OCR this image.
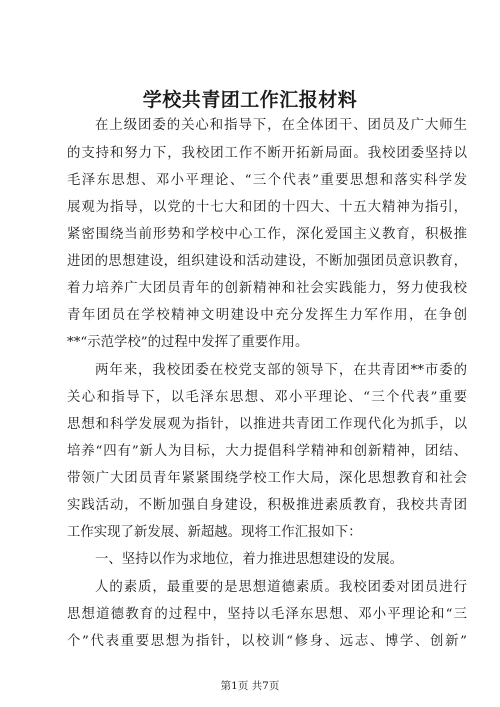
学校共青团工作汇报材料
在上级团委的关心和指导下，在全体团干、团员及广大师生
的支持和努力下，我校团工作不断开拓新局面。我校团委坚持以
毛泽东思想、邓小平理论、“三个代表”重要思想和落实科学发
展观为指导，以党的十七大和团的十四大、十五大精神为指引，
紧密围绕当前形势和学校中心工作，深化爱国主义教育，积极推
进团的思想建设，组织建设和活动建设，不断加强团员意识教育，
着力培养广大团员青年的创新精神和社会实践能力，努力使我校
青年团员在学校精神文明建设中充分发挥生力军作用，在争创
**“示范学校”的过程中发挥了重要作用。
两年来，我校团委在校党支部的领导下，在共青团**市委的
关心和指导下，以毛泽东思想、邓小平理论、“三个代表”重要
思想和科学发展观为指针，以推进共青团工作现代化为抓手，以
培养“四有”新人为目标，大力提倡科学精神和创新精神，团结、
带领广大团员青年紧紧围绕学校工作大局，深化思想教育和社会
实践活动，不断加强自身建设，积极推进素质教育，我校共青团
工作实现了新发展、新超越。现将工作汇报如下：
一、坚持以作为求地位，着力推进思想建设的发展。
人的素质，最重要的是思想道德素质。我校团委对团员进行
思想道德教育的过程中，坚持以毛泽东思想、邓小平理论和“三
个”代表重要思想为指针，以校训“修身、远志、博学、创新”
第1页 共7页
